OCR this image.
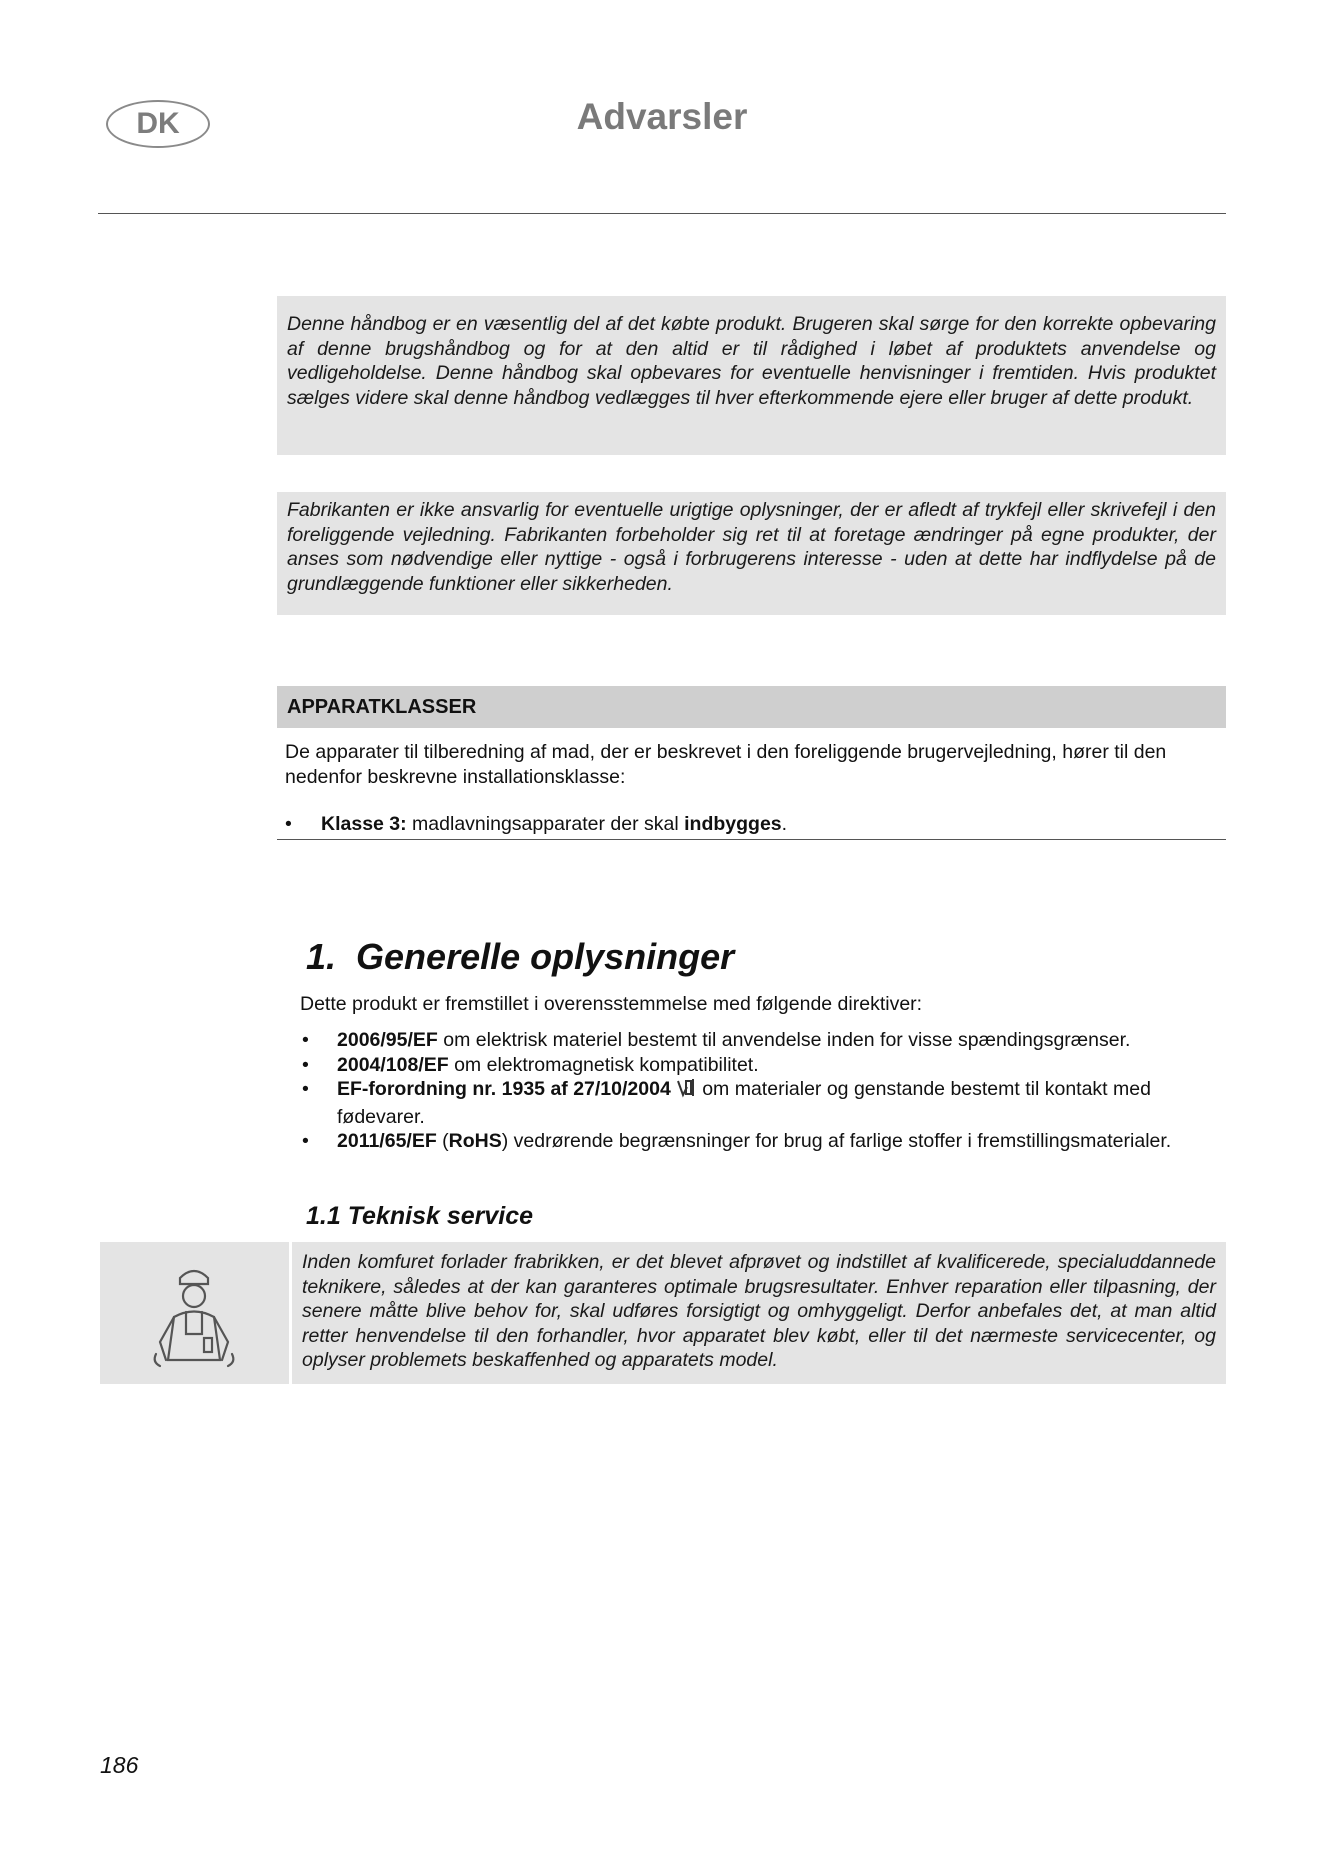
DK	Advarsler
Denne håndbog er en væsentlig del af det købte produkt. Brugeren skal sørge for den korrekte opbevaring af denne brugshåndbog og for at den altid er til rådighed i løbet af produktets anvendelse og vedligeholdelse. Denne håndbog skal opbevares for eventuelle henvisninger i fremtiden. Hvis produktet sælges videre skal denne håndbog vedlægges til hver efterkommende ejere eller bruger af dette produkt.
Fabrikanten er ikke ansvarlig for eventuelle urigtige oplysninger, der er afledt af trykfejl eller skrivefejl i den foreliggende vejledning. Fabrikanten forbeholder sig ret til at foretage ændringer på egne produkter, der anses som nødvendige eller nyttige - også i forbrugerens interesse - uden at dette har indflydelse på de grundlæggende funktioner eller sikkerheden.
APPARATKLASSER
De apparater til tilberedning af mad, der er beskrevet i den foreliggende brugervejledning, hører til den nedenfor beskrevne installationsklasse:
• Klasse 3: madlavningsapparater der skal indbygges.
1.  Generelle oplysninger
Dette produkt er fremstillet i overensstemmelse med følgende direktiver:
• 2006/95/EF om elektrisk materiel bestemt til anvendelse inden for visse spændingsgrænser.
• 2004/108/EF om elektromagnetisk kompatibilitet.
• EF-forordning nr. 1935 af 27/10/2004 om materialer og genstande bestemt til kontakt med fødevarer.
• 2011/65/EF (RoHS) vedrørende begrænsninger for brug af farlige stoffer i fremstillingsmaterialer.
1.1 Teknisk service
Inden komfuret forlader frabrikken, er det blevet afprøvet og indstillet af kvalificerede, specialuddannede teknikere, således at der kan garanteres optimale brugsresultater. Enhver reparation eller tilpasning, der senere måtte blive behov for, skal udføres forsigtigt og omhyggeligt. Derfor anbefales det, at man altid retter henvendelse til den forhandler, hvor apparatet blev købt, eller til det nærmeste servicecenter, og oplyser problemets beskaffenhed og apparatets model.
186
